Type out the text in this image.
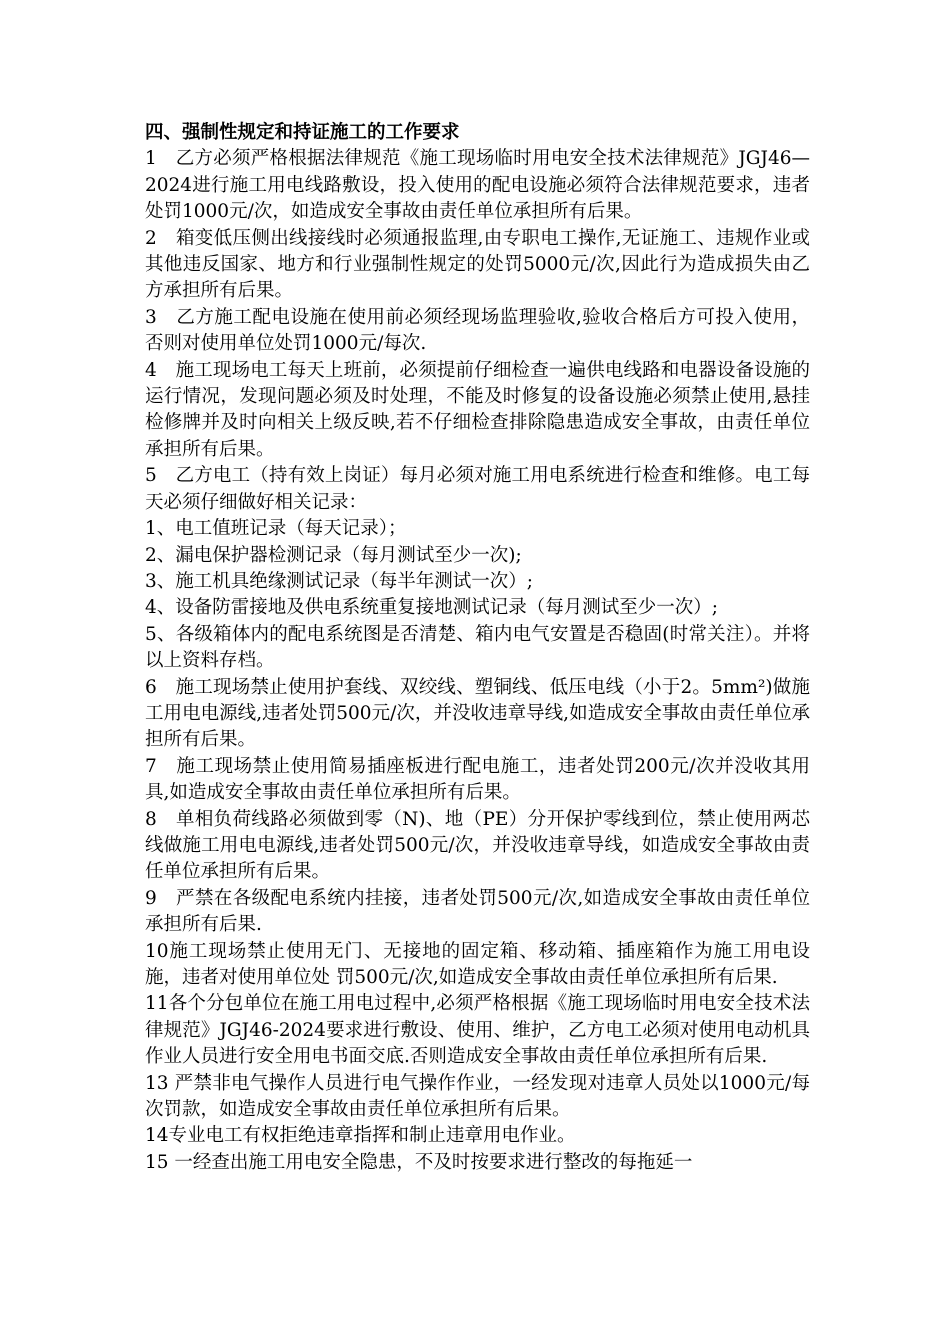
四、强制性规定和持证施工的工作要求

1　乙方必须严格根据法律规范《施工现场临时用电安全技术法律规范》JGJ46—2024进行施工用电线路敷设，投入使用的配电设施必须符合法律规范要求，违者处罚1000元/次，如造成安全事故由责任单位承担所有后果。

2　箱变低压侧出线接线时必须通报监理,由专职电工操作,无证施工、违规作业或其他违反国家、地方和行业强制性规定的处罚5000元/次,因此行为造成损失由乙方承担所有后果。

3　乙方施工配电设施在使用前必须经现场监理验收,验收合格后方可投入使用，否则对使用单位处罚1000元/每次.

4　施工现场电工每天上班前，必须提前仔细检查一遍供电线路和电器设备设施的运行情况，发现问题必须及时处理，不能及时修复的设备设施必须禁止使用,悬挂检修牌并及时向相关上级反映,若不仔细检查排除隐患造成安全事故，由责任单位承担所有后果。

5　乙方电工（持有效上岗证）每月必须对施工用电系统进行检查和维修。电工每天必须仔细做好相关记录：

1、电工值班记录（每天记录）；

2、漏电保护器检测记录（每月测试至少一次);

3、施工机具绝缘测试记录（每半年测试一次）;

4、设备防雷接地及供电系统重复接地测试记录（每月测试至少一次）;

5、各级箱体内的配电系统图是否清楚、箱内电气安置是否稳固(时常关注）。并将以上资料存档。

6　施工现场禁止使用护套线、双绞线、塑铜线、低压电线（小于2。5mm²)做施工用电电源线,违者处罚500元/次，并没收违章导线,如造成安全事故由责任单位承担所有后果。

7　施工现场禁止使用简易插座板进行配电施工，违者处罚200元/次并没收其用具,如造成安全事故由责任单位承担所有后果。

8　单相负荷线路必须做到零（N)、地（PE）分开保护零线到位，禁止使用两芯线做施工用电电源线,违者处罚500元/次，并没收违章导线，如造成安全事故由责任单位承担所有后果。

9　严禁在各级配电系统内挂接，违者处罚500元/次,如造成安全事故由责任单位承担所有后果.

10施工现场禁止使用无门、无接地的固定箱、移动箱、插座箱作为施工用电设施，违者对使用单位处 罚500元/次,如造成安全事故由责任单位承担所有后果.

11各个分包单位在施工用电过程中,必须严格根据《施工现场临时用电安全技术法律规范》JGJ46-2024要求进行敷设、使用、维护，乙方电工必须对使用电动机具作业人员进行安全用电书面交底.否则造成安全事故由责任单位承担所有后果.

13 严禁非电气操作人员进行电气操作作业，一经发现对违章人员处以1000元/每次罚款，如造成安全事故由责任单位承担所有后果。

14专业电工有权拒绝违章指挥和制止违章用电作业。

15 一经查出施工用电安全隐患，不及时按要求进行整改的每拖延一
